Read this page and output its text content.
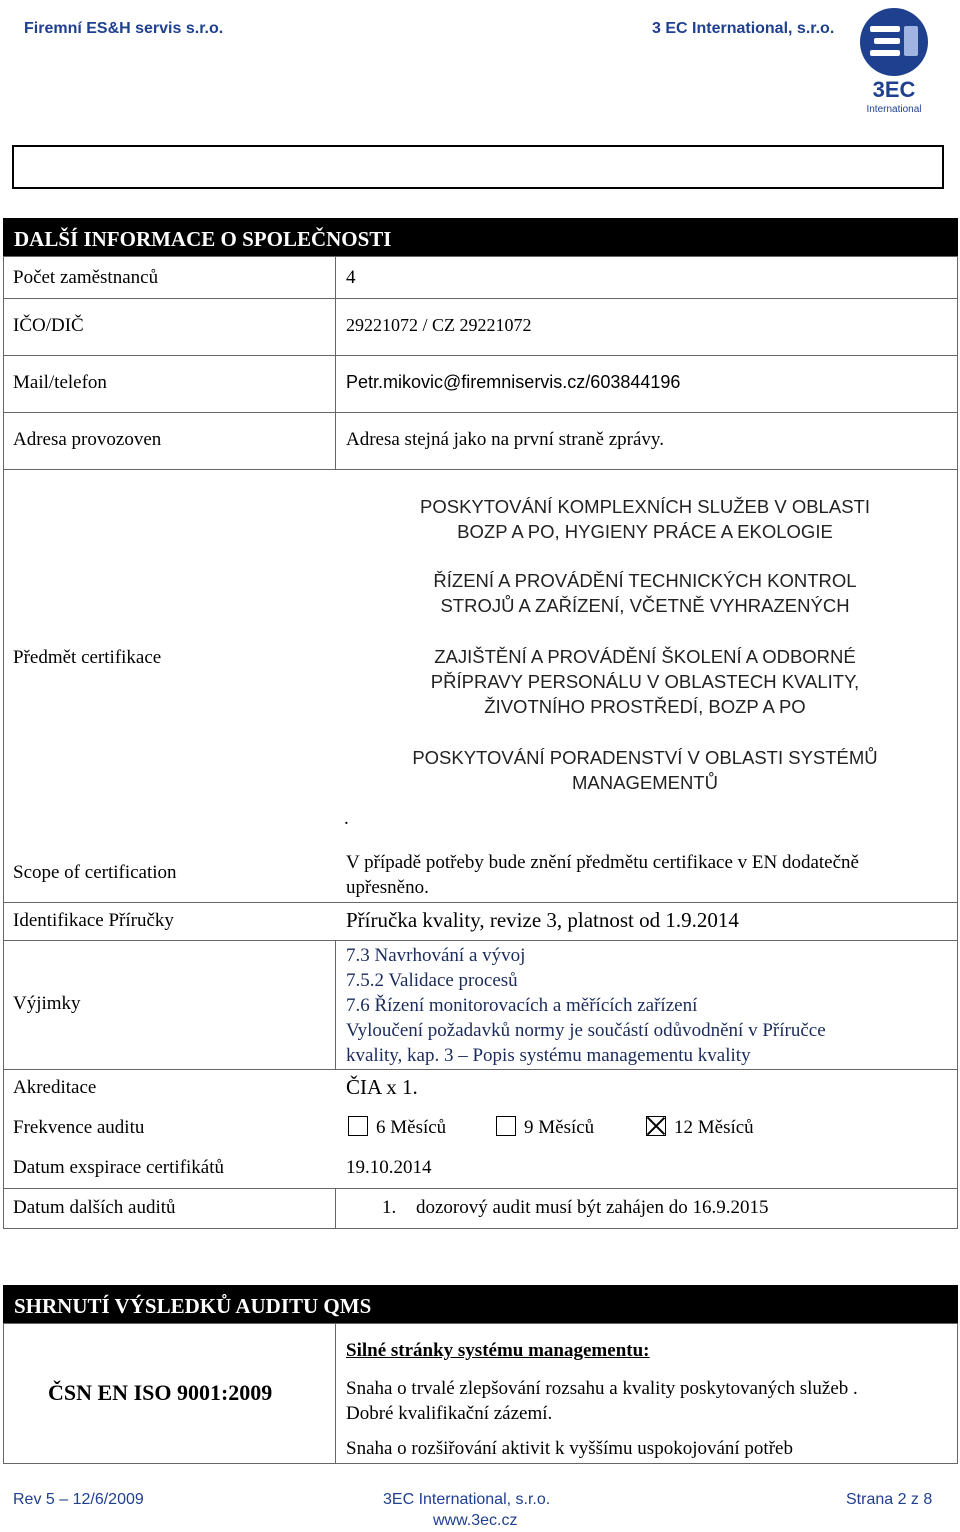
Firemní ES&H servis s.r.o.	3 EC International, s.r.o.
3EC
International
DALŠÍ INFORMACE O SPOLEČNOSTI

Počet zaměstnanců	4
IČO/DIČ	29221072 / CZ 29221072
Mail/telefon	Petr.mikovic@firemniservis.cz/603844196
Adresa provozoven	Adresa stejná jako na první straně zprávy.
Předmět certifikace
POSKYTOVÁNÍ KOMPLEXNÍCH SLUŽEB V OBLASTI
BOZP A PO, HYGIENY PRÁCE A EKOLOGIE
ŘÍZENÍ A PROVÁDĚNÍ TECHNICKÝCH KONTROL
STROJŮ A ZAŘÍZENÍ, VČETNĚ VYHRAZENÝCH
ZAJIŠTĚNÍ A PROVÁDĚNÍ ŠKOLENÍ A ODBORNÉ
PŘÍPRAVY PERSONÁLU V OBLASTECH KVALITY,
ŽIVOTNÍHO PROSTŘEDÍ, BOZP A PO
POSKYTOVÁNÍ PORADENSTVÍ V OBLASTI SYSTÉMŮ
MANAGEMENTŮ
.
Scope of certification	V případě potřeby bude znění předmětu certifikace v EN dodatečně
upřesněno.
Identifikace Příručky	Příručka kvality, revize 3, platnost od 1.9.2014
Výjimky
7.3 Navrhování a vývoj
7.5.2 Validace procesů
7.6 Řízení monitorovacích a měřících zařízení
Vyloučení požadavků normy je součástí odůvodnění v Příručce
kvality, kap. 3 – Popis systému managementu kvality
Akreditace	ČIA x 1.
Frekvence auditu	6 Měsíců	9 Měsíců	12 Měsíců
Datum exspirace certifikátů	19.10.2014
Datum dalších auditů	1. dozorový audit musí být zahájen do 16.9.2015
SHRNUTÍ VÝSLEDKŮ AUDITU QMS

ČSN EN ISO 9001:2009
Silné stránky systému managementu:
Snaha o trvalé zlepšování rozsahu a kvality poskytovaných služeb .
Dobré kvalifikační zázemí.
Snaha o rozšiřování aktivit k vyššímu uspokojování potřeb
Rev 5 – 12/6/2009	3EC International, s.r.o.
www.3ec.cz
Strana 2 z 8
